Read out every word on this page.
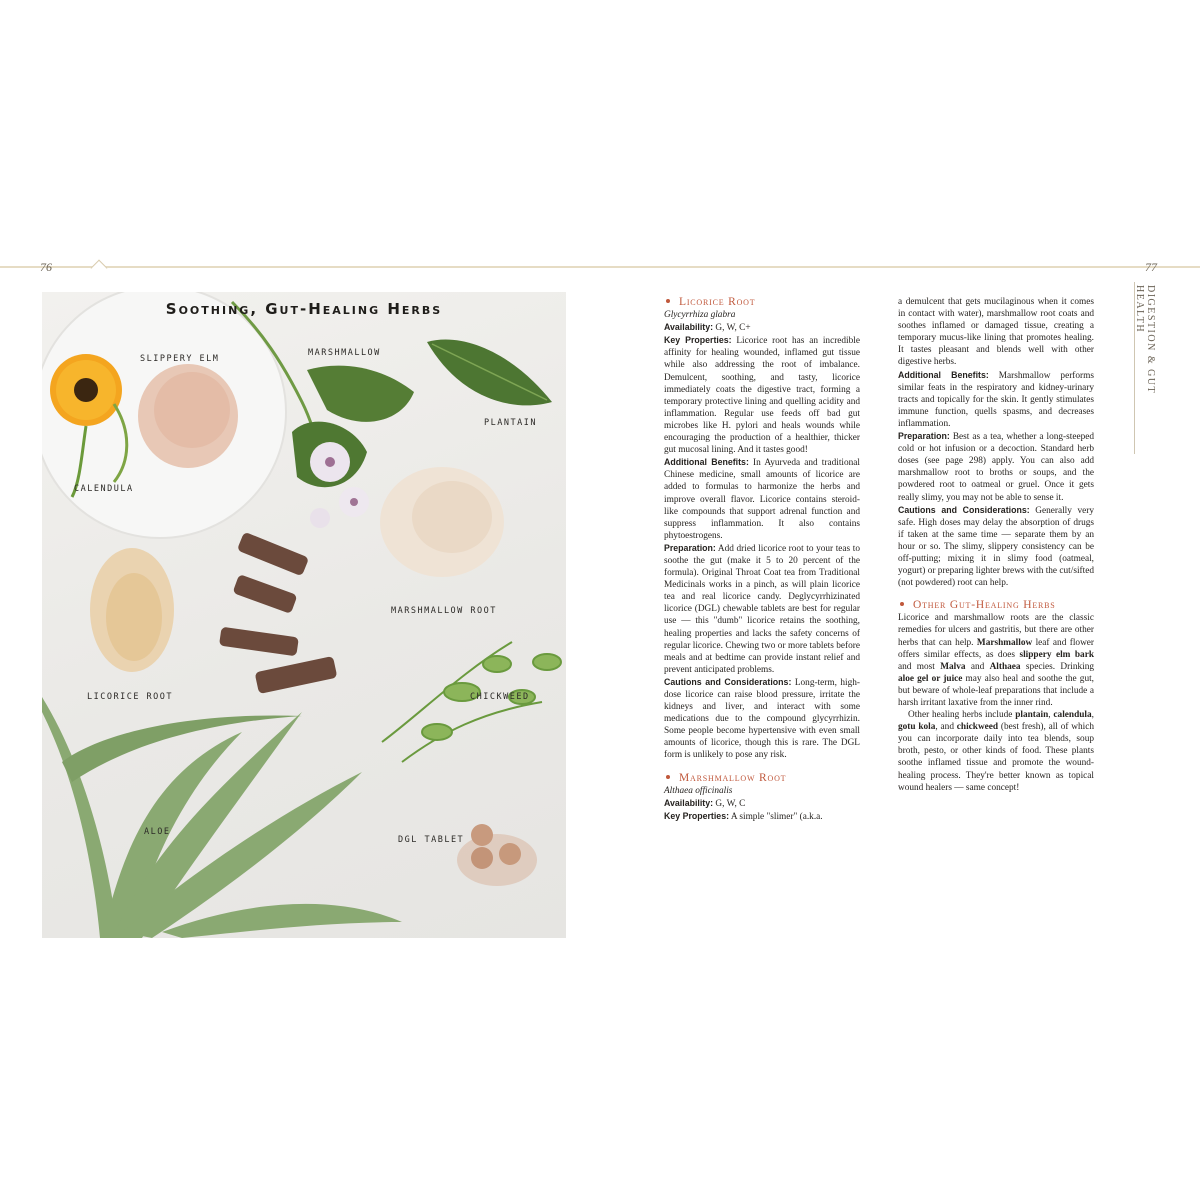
76	77
DIGESTION & GUT HEALTH
Soothing, Gut-Healing Herbs
SLIPPERY ELM
MARSHMALLOW
PLANTAIN
CALENDULA
MARSHMALLOW ROOT
LICORICE ROOT	CHICKWEED
ALOE
DGL TABLET
Licorice Root

Glycyrrhiza glabra

Availability: G, W, C+

Key Properties: Licorice root has an incredible affinity for healing wounded, inflamed gut tissue while also addressing the root of imbalance. Demulcent, soothing, and tasty, licorice immediately coats the digestive tract, forming a temporary protective lining and quelling acidity and inflammation. Regular use feeds off bad gut microbes like H. pylori and heals wounds while encouraging the production of a healthier, thicker gut mucosal lining. And it tastes good!

Additional Benefits: In Ayurveda and traditional Chinese medicine, small amounts of licorice are added to formulas to harmonize the herbs and improve overall flavor. Licorice contains steroid-like compounds that support adrenal function and suppress inflammation. It also contains phytoestrogens.

Preparation: Add dried licorice root to your teas to soothe the gut (make it 5 to 20 percent of the formula). Original Throat Coat tea from Traditional Medicinals works in a pinch, as will plain licorice tea and real licorice candy. Deglycyrrhizinated licorice (DGL) chewable tablets are best for regular use — this "dumb" licorice retains the soothing, healing properties and lacks the safety concerns of regular licorice. Chewing two or more tablets before meals and at bedtime can provide instant relief and prevent anticipated problems.

Cautions and Considerations: Long-term, high-dose licorice can raise blood pressure, irritate the kidneys and liver, and interact with some medications due to the compound glycyrrhizin. Some people become hypertensive with even small amounts of licorice, though this is rare. The DGL form is unlikely to pose any risk.

Marshmallow Root

Althaea officinalis

Availability: G, W, C

Key Properties: A simple "slimer" (a.k.a.

a demulcent that gets mucilaginous when it comes in contact with water), marshmallow root coats and soothes inflamed or damaged tissue, creating a temporary mucus-like lining that promotes healing. It tastes pleasant and blends well with other digestive herbs.

Additional Benefits: Marshmallow performs similar feats in the respiratory and kidney-urinary tracts and topically for the skin. It gently stimulates immune function, quells spasms, and decreases inflammation.

Preparation: Best as a tea, whether a long-steeped cold or hot infusion or a decoction. Standard herb doses (see page 298) apply. You can also add marshmallow root to broths or soups, and the powdered root to oatmeal or gruel. Once it gets really slimy, you may not be able to sense it.

Cautions and Considerations: Generally very safe. High doses may delay the absorption of drugs if taken at the same time — separate them by an hour or so. The slimy, slippery consistency can be off-putting; mixing it in slimy food (oatmeal, yogurt) or preparing lighter brews with the cut/sifted (not powdered) root can help.

Other Gut-Healing Herbs

Licorice and marshmallow roots are the classic remedies for ulcers and gastritis, but there are other herbs that can help. Marshmallow leaf and flower offers similar effects, as does slippery elm bark and most Malva and Althaea species. Drinking aloe gel or juice may also heal and soothe the gut, but beware of whole-leaf preparations that include a harsh irritant laxative from the inner rind.

Other healing herbs include plantain, calendula, gotu kola, and chickweed (best fresh), all of which you can incorporate daily into tea blends, soup broth, pesto, or other kinds of food. These plants soothe inflamed tissue and promote the wound-healing process. They're better known as topical wound healers — same concept!
